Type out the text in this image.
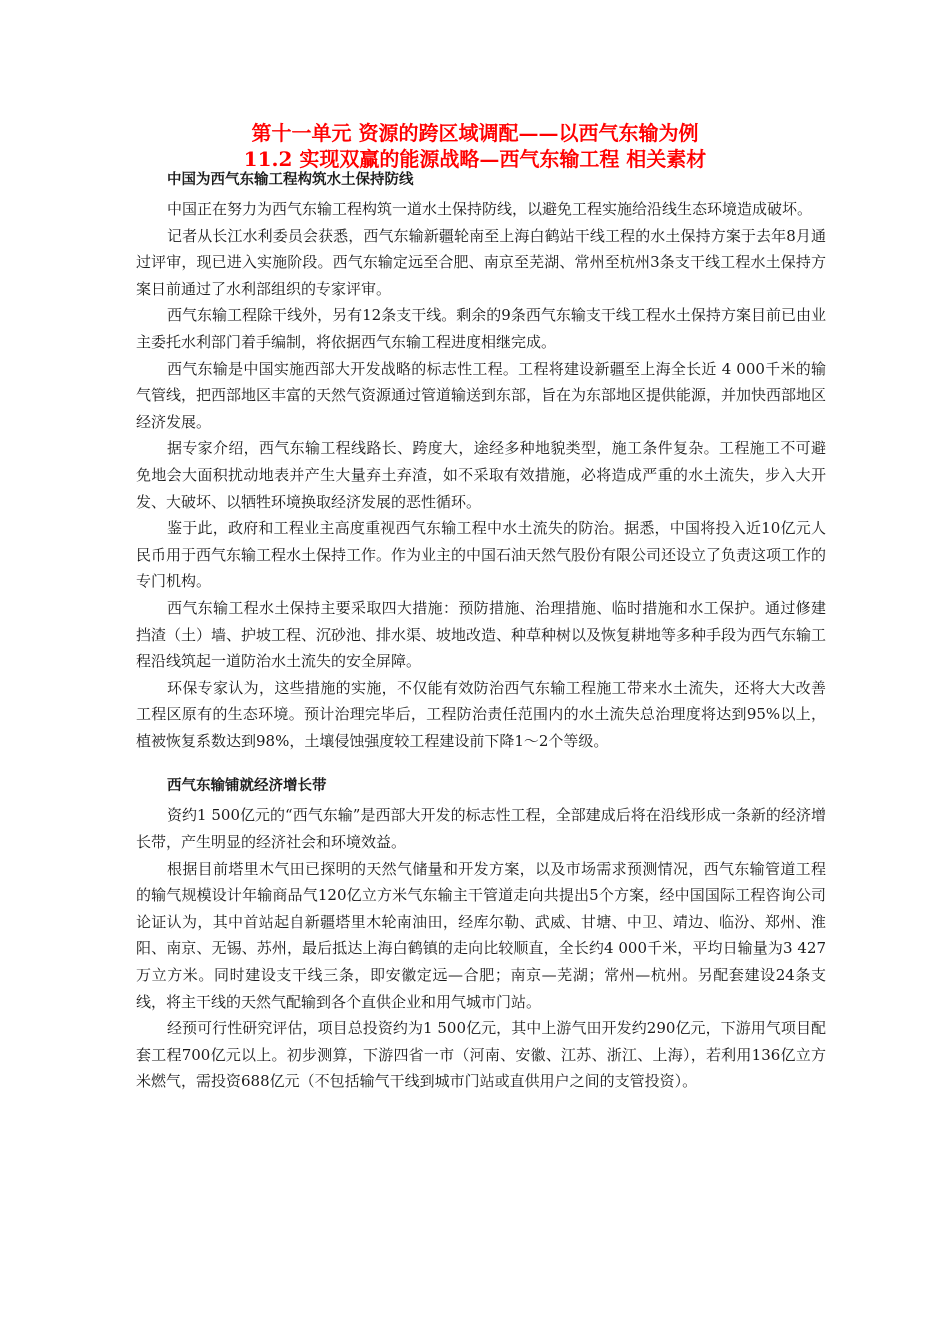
第十一单元 资源的跨区域调配——以西气东输为例
11.2 实现双赢的能源战略—西气东输工程 相关素材
中国为西气东输工程构筑水土保持防线

中国正在努力为西气东输工程构筑一道水土保持防线，以避免工程实施给沿线生态环境造成破坏。

记者从长江水利委员会获悉，西气东输新疆轮南至上海白鹤站干线工程的水土保持方案于去年8月通过评审，现已进入实施阶段。西气东输定远至合肥、南京至芜湖、常州至杭州3条支干线工程水土保持方案日前通过了水利部组织的专家评审。

西气东输工程除干线外，另有12条支干线。剩余的9条西气东输支干线工程水土保持方案目前已由业主委托水利部门着手编制，将依据西气东输工程进度相继完成。

西气东输是中国实施西部大开发战略的标志性工程。工程将建设新疆至上海全长近 4 000千米的输气管线，把西部地区丰富的天然气资源通过管道输送到东部，旨在为东部地区提供能源，并加快西部地区经济发展。

据专家介绍，西气东输工程线路长、跨度大，途经多种地貌类型，施工条件复杂。工程施工不可避免地会大面积扰动地表并产生大量弃土弃渣，如不采取有效措施，必将造成严重的水土流失，步入大开发、大破坏、以牺牲环境换取经济发展的恶性循环。

鉴于此，政府和工程业主高度重视西气东输工程中水土流失的防治。据悉，中国将投入近10亿元人民币用于西气东输工程水土保持工作。作为业主的中国石油天然气股份有限公司还设立了负责这项工作的专门机构。

西气东输工程水土保持主要采取四大措施：预防措施、治理措施、临时措施和水工保护。通过修建挡渣（土）墙、护坡工程、沉砂池、排水渠、坡地改造、种草种树以及恢复耕地等多种手段为西气东输工程沿线筑起一道防治水土流失的安全屏障。

环保专家认为，这些措施的实施，不仅能有效防治西气东输工程施工带来水土流失，还将大大改善工程区原有的生态环境。预计治理完毕后，工程防治责任范围内的水土流失总治理度将达到95%以上，植被恢复系数达到98%，土壤侵蚀强度较工程建设前下降1～2个等级。

西气东输铺就经济增长带

资约1 500亿元的“西气东输”是西部大开发的标志性工程，全部建成后将在沿线形成一条新的经济增长带，产生明显的经济社会和环境效益。

根据目前塔里木气田已探明的天然气储量和开发方案，以及市场需求预测情况，西气东输管道工程的输气规模设计年输商品气120亿立方米气东输主干管道走向共提出5个方案，经中国国际工程咨询公司论证认为，其中首站起自新疆塔里木轮南油田，经库尔勒、武威、甘塘、中卫、靖边、临汾、郑州、淮阳、南京、无锡、苏州，最后抵达上海白鹤镇的走向比较顺直，全长约4 000千米，平均日输量为3 427万立方米。同时建设支干线三条，即安徽定远—合肥；南京—芜湖；常州—杭州。另配套建设24条支线，将主干线的天然气配输到各个直供企业和用气城市门站。

经预可行性研究评估，项目总投资约为1 500亿元，其中上游气田开发约290亿元，下游用气项目配套工程700亿元以上。初步测算，下游四省一市（河南、安徽、江苏、浙江、上海），若利用136亿立方米燃气，需投资688亿元（不包括输气干线到城市门站或直供用户之间的支管投资）。
